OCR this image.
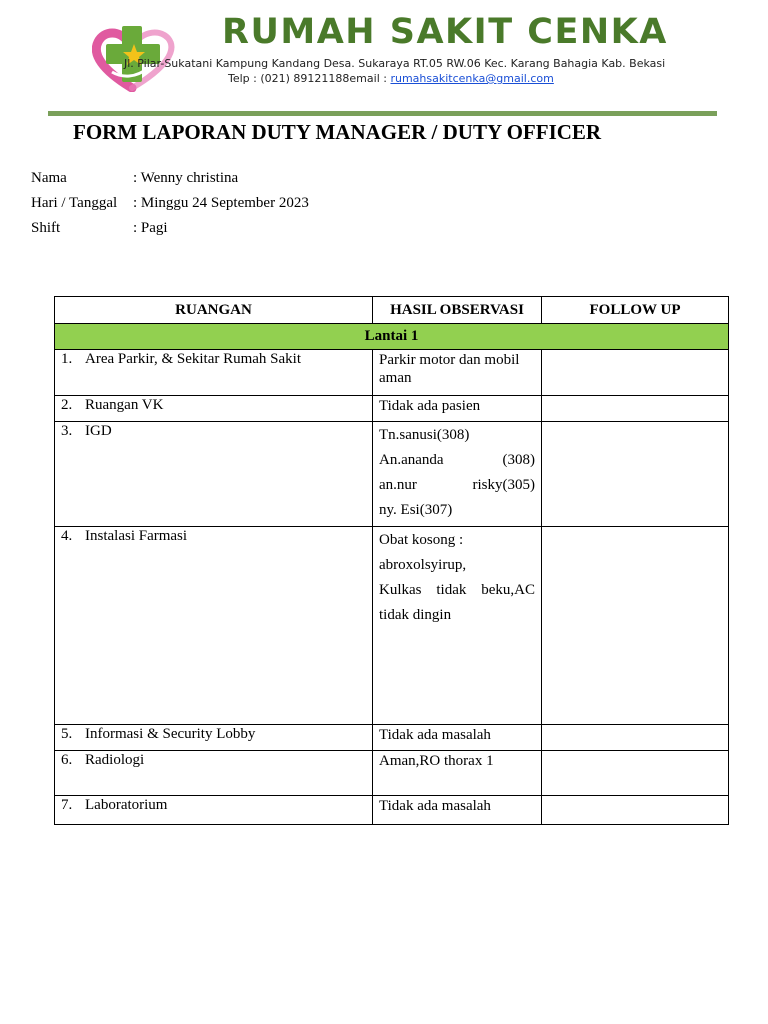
RUMAH SAKIT CENKA
Jl. Pilar-Sukatani Kampung Kandang Desa. Sukaraya RT.05 RW.06 Kec. Karang Bahagia Kab. Bekasi
Telp : (021) 89121188email : rumahsakitcenka@gmail.com
FORM LAPORAN DUTY MANAGER / DUTY OFFICER
Nama	: Wenny christina
Hari / Tanggal : Minggu 24 September 2023
Shift	: Pagi
RUANGAN	HASIL OBSERVASI	FOLLOW UP
Lantai 1		
1. Area Parkir, & Sekitar Rumah Sakit	Parkir motor dan mobil
aman	

2. Ruangan VK	Tidak ada pasien	

3. IGD	Tn.sanusi(308)
An.ananda (308)
an.nur risky(305)
ny. Esi(307)	

4. Instalasi Farmasi	Obat kosong :
abroxolsyirup,
Kulkas tidak beku,AC
tidak dingin	

5. Informasi & Security Lobby	Tidak ada masalah	

6. Radiologi	Aman,RO thorax 1	

7. Laboratorium	Tidak ada masalah	
